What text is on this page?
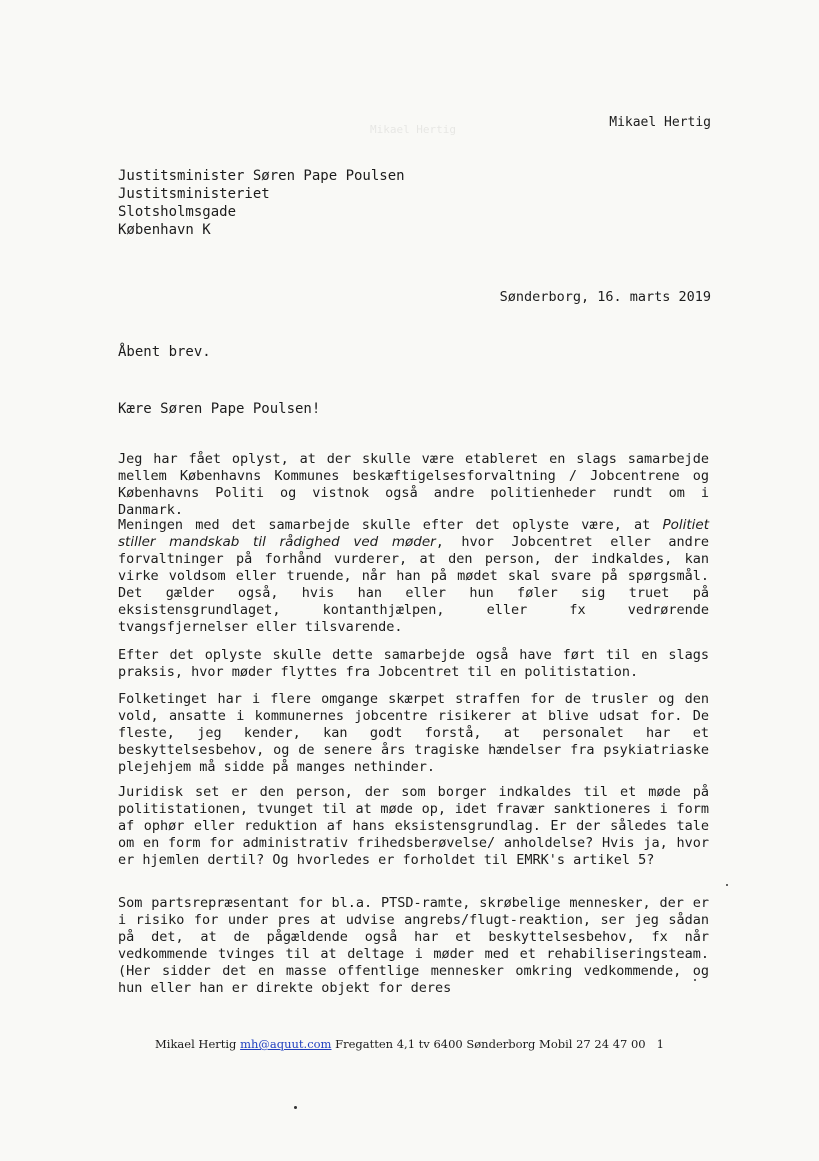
Mikael Hertig	Mikael Hertig
Justitsminister Søren Pape Poulsen
Justitsministeriet
Slotsholmsgade
København K
Sønderborg, 16. marts 2019
Åbent brev.
Kære Søren Pape Poulsen!
Jeg har fået oplyst, at der skulle være etableret en slags samarbejde mellem Københavns Kommunes beskæftigelsesforvaltning / Jobcentrene og Københavns Politi og vistnok også andre politienheder rundt om i Danmark.
Meningen med det samarbejde skulle efter det oplyste være, at Politiet stiller mandskab til rådighed ved møder, hvor Jobcentret eller andre forvaltninger på forhånd vurderer, at den person, der indkaldes, kan virke voldsom eller truende, når han på mødet skal svare på spørgsmål. Det gælder også, hvis han eller hun føler sig truet på eksistensgrundlaget, kontanthjælpen, eller fx vedrørende tvangsfjernelser eller tilsvarende.
Efter det oplyste skulle dette samarbejde også have ført til en slags praksis, hvor møder flyttes fra Jobcentret til en politistation.
Folketinget har i flere omgange skærpet straffen for de trusler og den vold, ansatte i kommunernes jobcentre risikerer at blive udsat for. De fleste, jeg kender, kan godt forstå, at personalet har et beskyttelsesbehov, og de senere års tragiske hændelser fra psykiatriaske plejehjem må sidde på manges nethinder.
Juridisk set er den person, der som borger indkaldes til et møde på politistationen, tvunget til at møde op, idet fravær sanktioneres i form af ophør eller reduktion af hans eksistensgrundlag. Er der således tale om en form for administrativ frihedsberøvelse/ anholdelse? Hvis ja, hvor er hjemlen dertil? Og hvorledes er forholdet til EMRK's artikel 5?
Som partsrepræsentant for bl.a. PTSD-ramte, skrøbelige mennesker, der er i risiko for under pres at udvise angrebs/flugt-reaktion, ser jeg sådan på det, at de pågældende også har et beskyttelsesbehov, fx når vedkommende tvinges til at deltage i møder med et rehabiliseringsteam. (Her sidder det en masse offentlige mennesker omkring vedkommende, og hun eller han er direkte objekt for deres
Mikael Hertig mh@aquut.com Fregatten 4,1 tv 6400 Sønderborg Mobil 27 24 47 00 1
